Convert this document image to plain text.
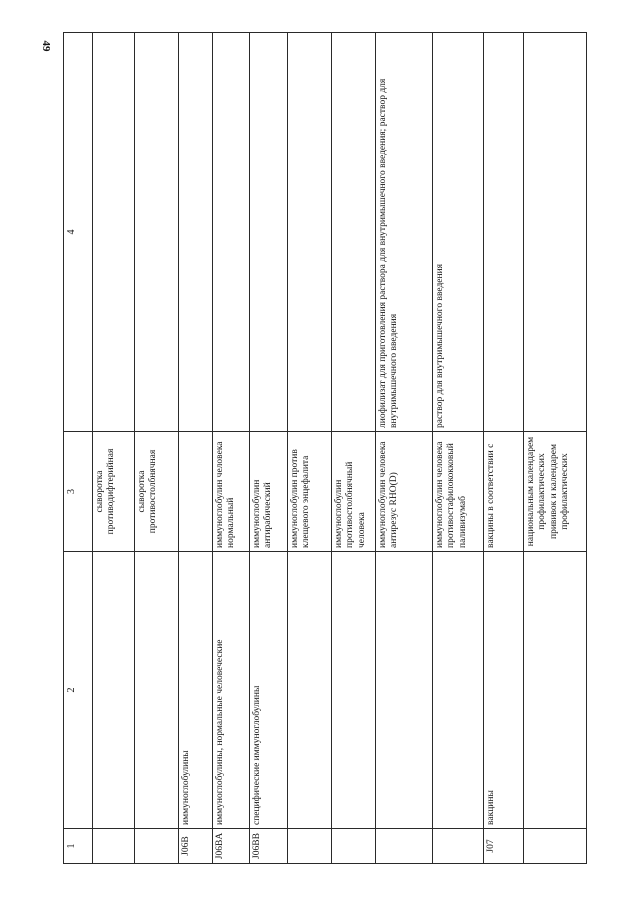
49
1	2	3	4
		сыворотка противодифтерийная	
		сыворотка противостолбнячная	
J06B	иммуноглобулины		
J06BA	иммуноглобулины, нормальные человеческие	иммуноглобулин человека нормальный	
J06BB	специфические иммуноглобулины	иммуноглобулин антирабический	
		иммуноглобулин против клещевого энцефалита	
		иммуноглобулин противостолбнячный человека	
		иммуноглобулин человека антирезус RHO(D)	лиофилизат для приготовления раствора для внутримышечного введения; раствор для внутримышечного введения
		иммуноглобулин человека противостафилококковый паливизумаб	раствор для внутримышечного введения
J07	вакцины	вакцины в соответствии с	
		национальным календарем профилактических прививок и календарем профилактических	
